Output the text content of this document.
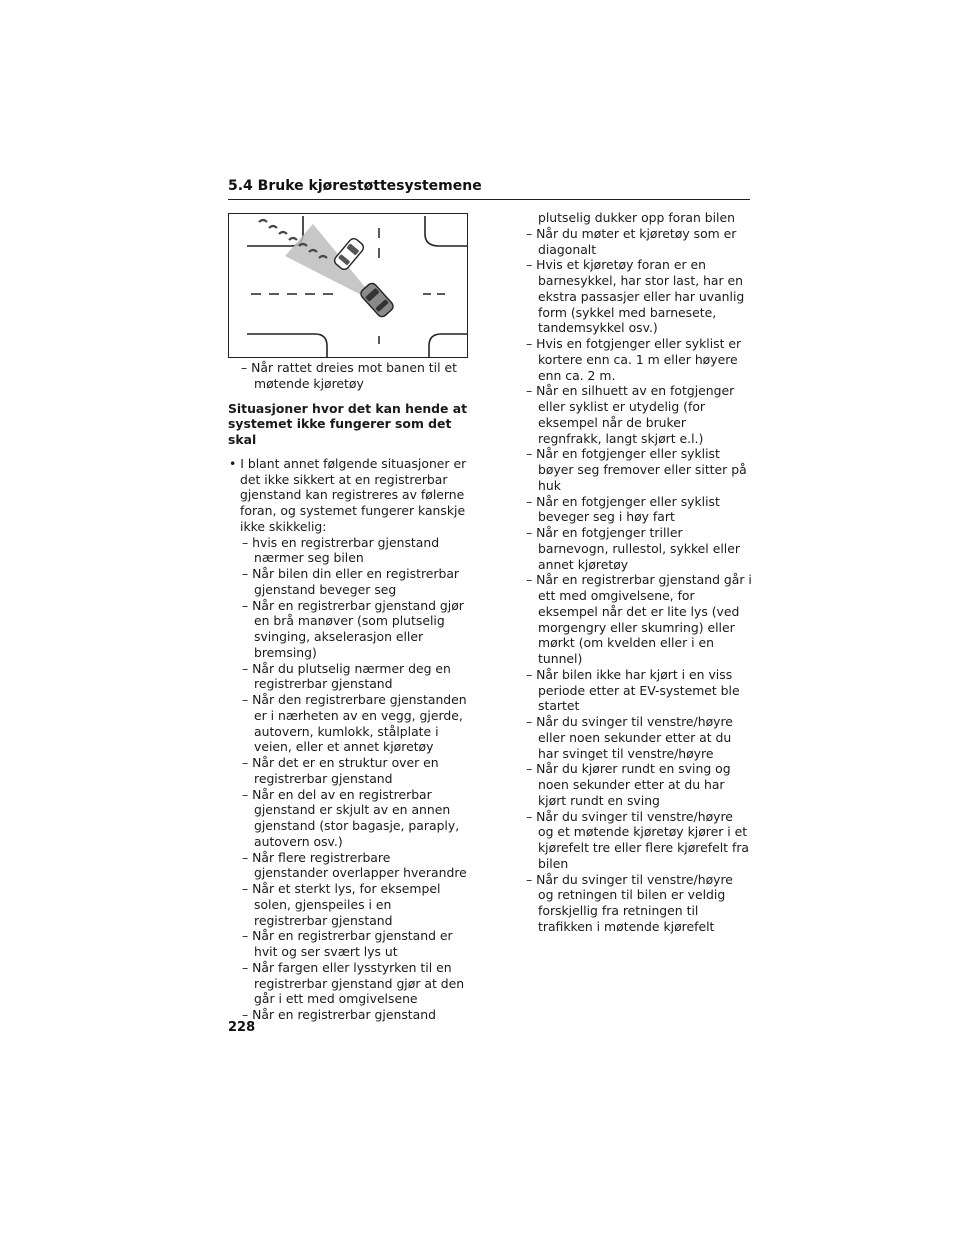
5.4 Bruke kjørestøttesystemene

– Når rattet dreies mot banen til et møtende kjøretøy

Situasjoner hvor det kan hende at systemet ikke fungerer som det skal

• I blant annet følgende situasjoner er det ikke sikkert at en registrerbar gjenstand kan registreres av følerne foran, og systemet fungerer kanskje ikke skikkelig:

– hvis en registrerbar gjenstand nærmer seg bilen

– Når bilen din eller en registrerbar gjenstand beveger seg

– Når en registrerbar gjenstand gjør en brå manøver (som plutselig svinging, akselerasjon eller bremsing)

– Når du plutselig nærmer deg en registrerbar gjenstand

– Når den registrerbare gjenstanden er i nærheten av en vegg, gjerde, autovern, kumlokk, stålplate i veien, eller et annet kjøretøy

– Når det er en struktur over en registrerbar gjenstand

– Når en del av en registrerbar gjenstand er skjult av en annen gjenstand (stor bagasje, paraply, autovern osv.)

– Når flere registrerbare gjenstander overlapper hverandre

– Når et sterkt lys, for eksempel solen, gjenspeiles i en registrerbar gjenstand

– Når en registrerbar gjenstand er hvit og ser svært lys ut

– Når fargen eller lysstyrken til en registrerbar gjenstand gjør at den går i ett med omgivelsene

– Når en registrerbar gjenstand

plutselig dukker opp foran bilen

– Når du møter et kjøretøy som er diagonalt

– Hvis et kjøretøy foran er en barnesykkel, har stor last, har en ekstra passasjer eller har uvanlig form (sykkel med barnesete, tandemsykkel osv.)

– Hvis en fotgjenger eller syklist er kortere enn ca. 1 m eller høyere enn ca. 2 m.

– Når en silhuett av en fotgjenger eller syklist er utydelig (for eksempel når de bruker regnfrakk, langt skjørt e.l.)

– Når en fotgjenger eller syklist bøyer seg fremover eller sitter på huk

– Når en fotgjenger eller syklist beveger seg i høy fart

– Når en fotgjenger triller barnevogn, rullestol, sykkel eller annet kjøretøy

– Når en registrerbar gjenstand går i ett med omgivelsene, for eksempel når det er lite lys (ved morgengry eller skumring) eller mørkt (om kvelden eller i en tunnel)

– Når bilen ikke har kjørt i en viss periode etter at EV-systemet ble startet

– Når du svinger til venstre/høyre eller noen sekunder etter at du har svinget til venstre/høyre

– Når du kjører rundt en sving og noen sekunder etter at du har kjørt rundt en sving

– Når du svinger til venstre/høyre og et møtende kjøretøy kjører i et kjørefelt tre eller flere kjørefelt fra bilen

– Når du svinger til venstre/høyre og retningen til bilen er veldig forskjellig fra retningen til trafikken i møtende kjørefelt

228
